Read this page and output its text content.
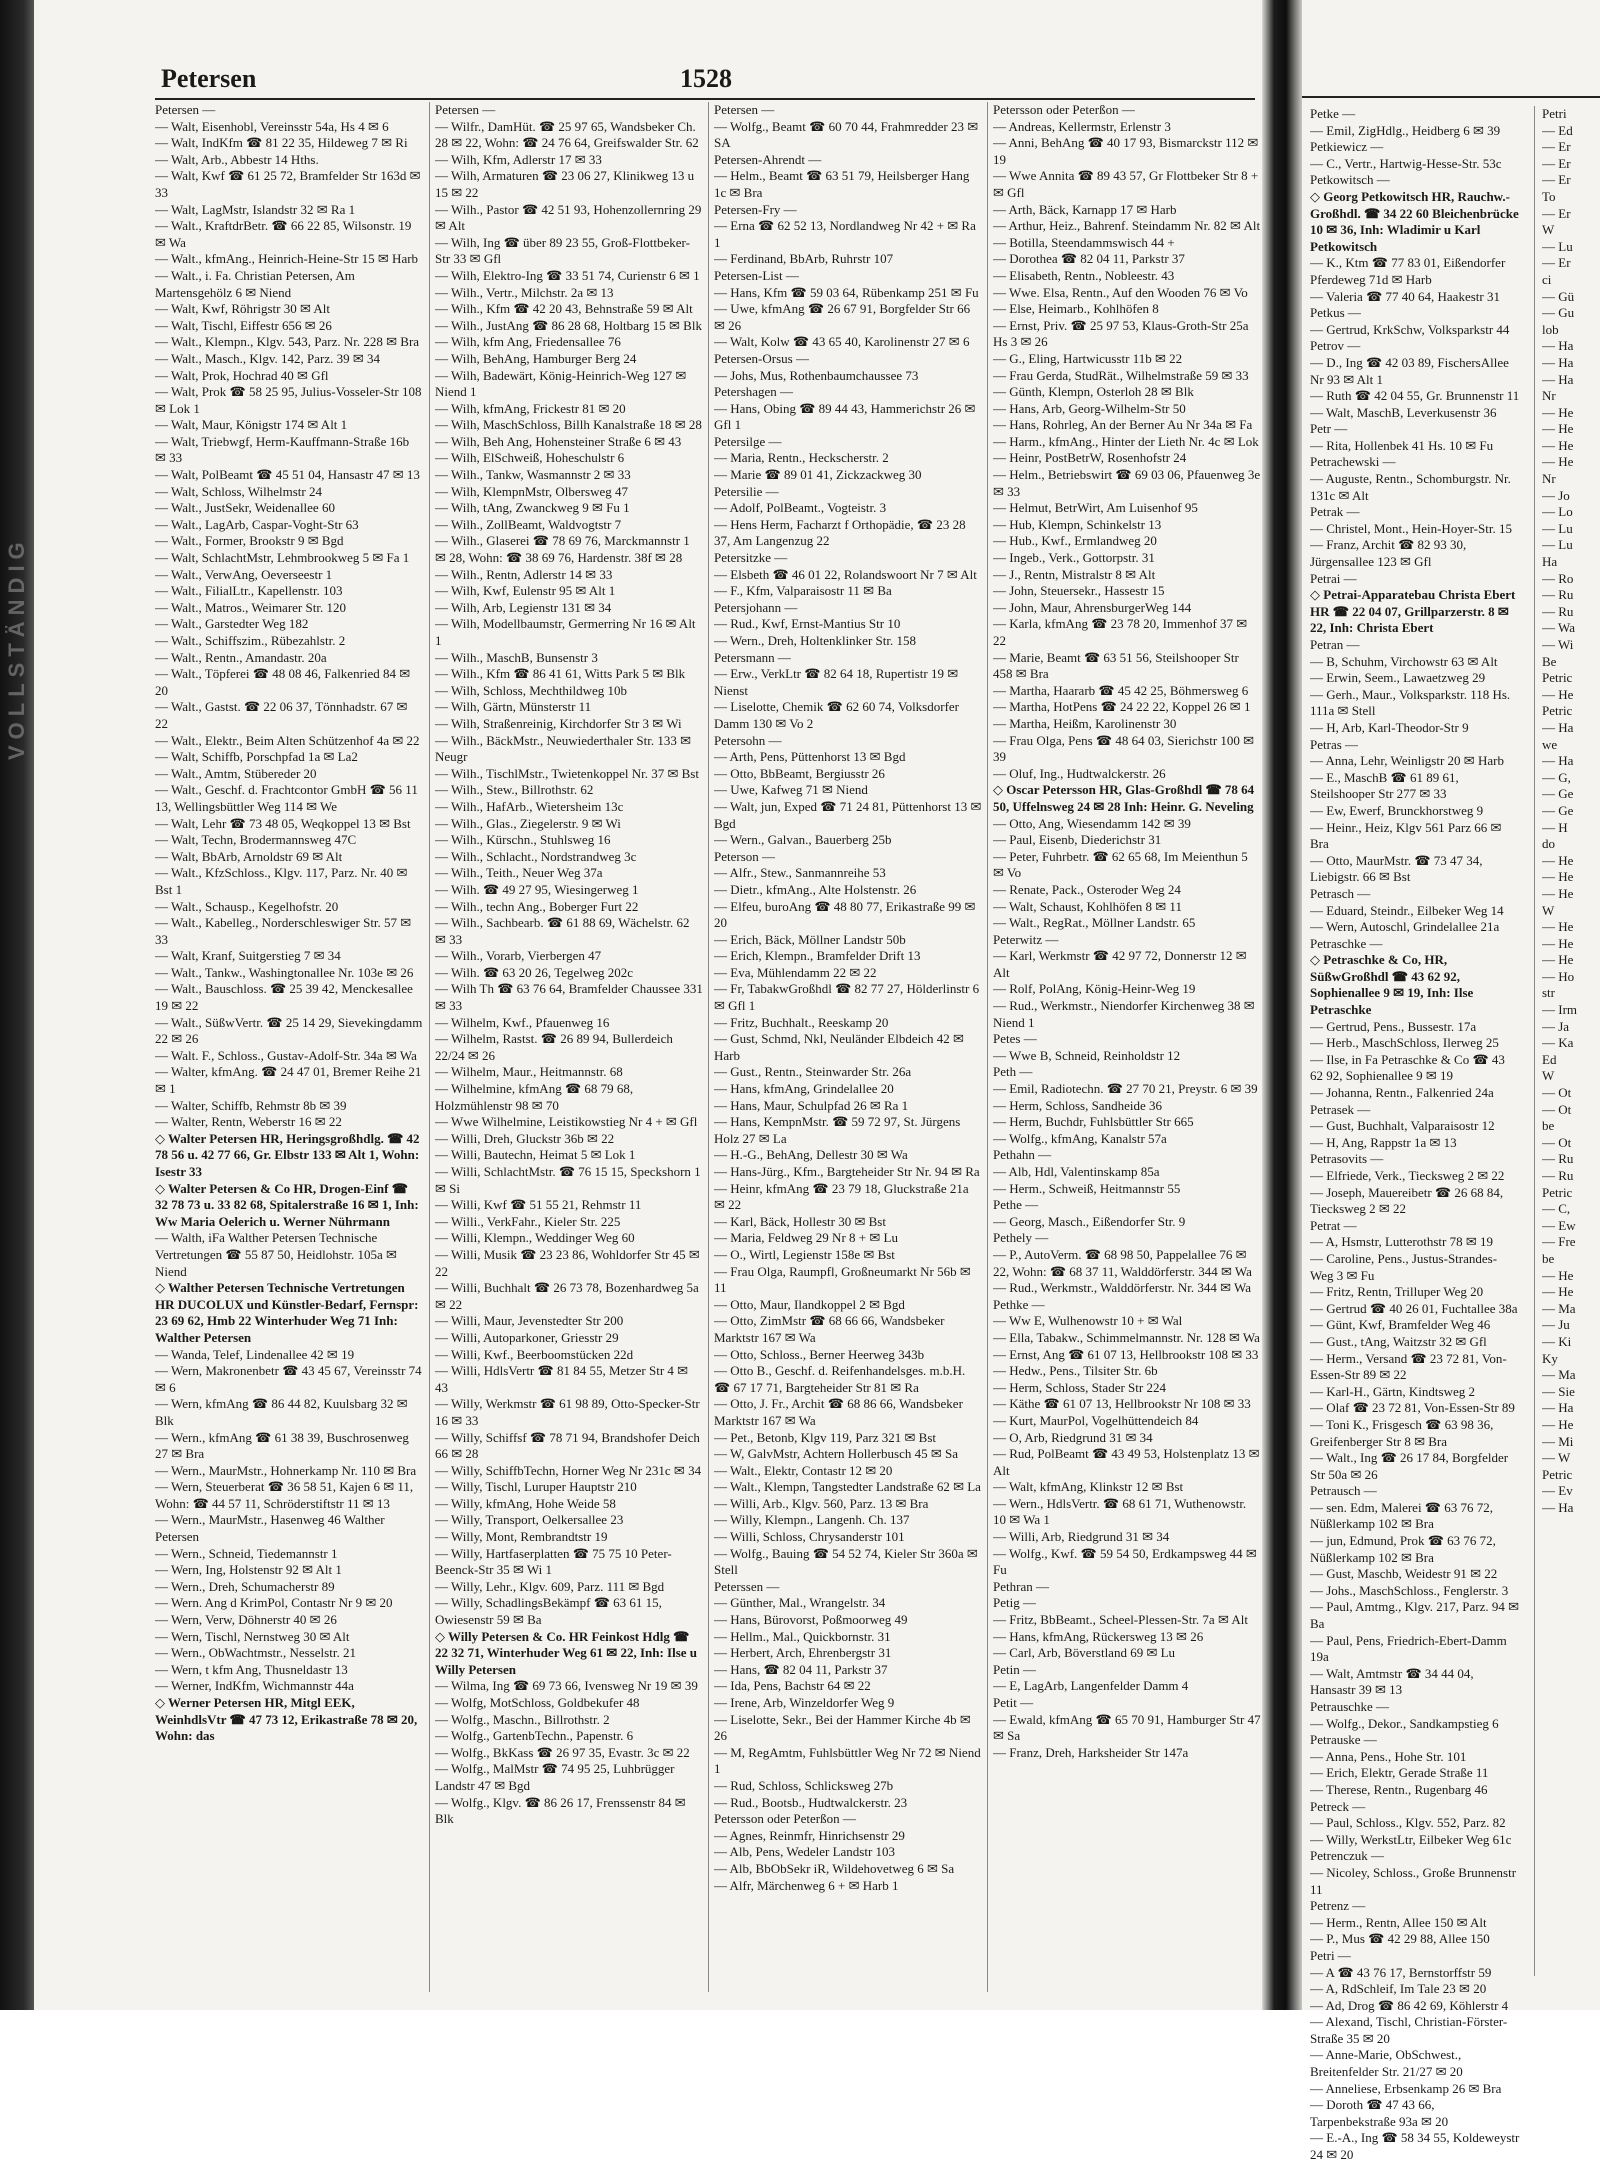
VOLLSTÄNDIG
Petersen	1528
Petersen —
— Walt, Eisenhobl, Vereinsstr 54a, Hs 4 ✉ 6
— Walt, IndKfm ☎ 81 22 35, Hildeweg 7 ✉ Ri
— Walt, Arb., Abbestr 14 Hths.
— Walt, Kwf ☎ 61 25 72, Bramfelder Str 163d ✉ 33
— Walt, LagMstr, Islandstr 32 ✉ Ra 1
— Walt., KraftdrBetr. ☎ 66 22 85, Wilsonstr. 19 ✉ Wa
— Walt., kfmAng., Heinrich-Heine-Str 15 ✉ Harb
— Walt., i. Fa. Christian Petersen, Am Martensgehölz 6 ✉ Niend
— Walt, Kwf, Röhrigstr 30 ✉ Alt
— Walt, Tischl, Eiffestr 656 ✉ 26
— Walt., Klempn., Klgv. 543, Parz. Nr. 228 ✉ Bra
— Walt., Masch., Klgv. 142, Parz. 39 ✉ 34
— Walt, Prok, Hochrad 40 ✉ Gfl
— Walt, Prok ☎ 58 25 95, Julius-Vosseler-Str 108 ✉ Lok 1
— Walt, Maur, Königstr 174 ✉ Alt 1
— Walt, Triebwgf, Herm-Kauffmann-Straße 16b ✉ 33
— Walt, PolBeamt ☎ 45 51 04, Hansastr 47 ✉ 13
— Walt, Schloss, Wilhelmstr 24
— Walt., JustSekr, Weidenallee 60
— Walt., LagArb, Caspar-Voght-Str 63
— Walt., Former, Brookstr 9 ✉ Bgd
— Walt, SchlachtMstr, Lehmbrookweg 5 ✉ Fa 1
— Walt., VerwAng, Oeverseestr 1
— Walt., FilialLtr., Kapellenstr. 103
— Walt., Matros., Weimarer Str. 120
— Walt., Garstedter Weg 182
— Walt., Schiffszim., Rübezahlstr. 2
— Walt., Rentn., Amandastr. 20a
— Walt., Töpferei ☎ 48 08 46, Falkenried 84 ✉ 20
— Walt., Gastst. ☎ 22 06 37, Tönnhadstr. 67 ✉ 22
— Walt., Elektr., Beim Alten Schützenhof 4a ✉ 22
— Walt, Schiffb, Porschpfad 1a ✉ La2
— Walt., Amtm, Stübereder 20
— Walt., Geschf. d. Frachtcontor GmbH ☎ 56 11 13, Wellingsbüttler Weg 114 ✉ We
— Walt, Lehr ☎ 73 48 05, Weqkoppel 13 ✉ Bst
— Walt, Techn, Brodermannsweg 47C
— Walt, BbArb, Arnoldstr 69 ✉ Alt
— Walt., KfzSchloss., Klgv. 117, Parz. Nr. 40 ✉ Bst 1
— Walt., Schausp., Kegelhofstr. 20
— Walt., Kabelleg., Norderschleswiger Str. 57 ✉ 33
— Walt, Kranf, Suitgerstieg 7 ✉ 34
— Walt., Tankw., Washingtonallee Nr. 103e ✉ 26
— Walt., Bauschloss. ☎ 25 39 42, Menckesallee 19 ✉ 22
— Walt., SüßwVertr. ☎ 25 14 29, Sievekingdamm 22 ✉ 26
— Walt. F., Schloss., Gustav-Adolf-Str. 34a ✉ Wa
— Walter, kfmAng. ☎ 24 47 01, Bremer Reihe 21 ✉ 1
— Walter, Schiffb, Rehmstr 8b ✉ 39
— Walter, Rentn, Weberstr 16 ✉ 22
◇ Walter Petersen HR, Heringsgroßhdlg. ☎ 42 78 56 u. 42 77 66, Gr. Elbstr 133 ✉ Alt 1, Wohn: Isestr 33
◇ Walter Petersen & Co HR, Drogen-Einf ☎ 32 78 73 u. 33 82 68, Spitalerstraße 16 ✉ 1, Inh: Ww Maria Oelerich u. Werner Nührmann
— Walth, iFa Walther Petersen Technische Vertretungen ☎ 55 87 50, Heidlohstr. 105a ✉ Niend
◇ Walther Petersen Technische Vertretungen HR DUCOLUX und Künstler-Bedarf, Fernspr: 23 69 62, Hmb 22 Winterhuder Weg 71 Inh: Walther Petersen
— Wanda, Telef, Lindenallee 42 ✉ 19
— Wern, Makronenbetr ☎ 43 45 67, Vereinsstr 74 ✉ 6
— Wern, kfmAng ☎ 86 44 82, Kuulsbarg 32 ✉ Blk
— Wern., kfmAng ☎ 61 38 39, Buschrosenweg 27 ✉ Bra
— Wern., MaurMstr., Hohnerkamp Nr. 110 ✉ Bra
— Wern, Steuerberat ☎ 36 58 51, Kajen 6 ✉ 11, Wohn: ☎ 44 57 11, Schröderstiftstr 11 ✉ 13
— Wern., MaurMstr., Hasenweg 46 Walther Petersen
— Wern., Schneid, Tiedemannstr 1
— Wern, Ing, Holstenstr 92 ✉ Alt 1
— Wern., Dreh, Schumacherstr 89
— Wern. Ang d KrimPol, Contastr Nr 9 ✉ 20
— Wern, Verw, Döhnerstr 40 ✉ 26
— Wern, Tischl, Nernstweg 30 ✉ Alt
— Wern., ObWachtmstr., Nesselstr. 21
— Wern, t kfm Ang, Thusneldastr 13
— Werner, IndKfm, Wichmannstr 44a
◇ Werner Petersen HR, Mitgl EEK, WeinhdlsVtr ☎ 47 73 12, Erikastraße 78 ✉ 20, Wohn: das
Petersen —
— Wilfr., DamHüt. ☎ 25 97 65, Wandsbeker Ch. 28 ✉ 22, Wohn: ☎ 24 76 64, Greifswalder Str. 62
— Wilh, Kfm, Adlerstr 17 ✉ 33
— Wilh, Armaturen ☎ 23 06 27, Klinikweg 13 u 15 ✉ 22
— Wilh., Pastor ☎ 42 51 93, Hohenzollernring 29 ✉ Alt
— Wilh, Ing ☎ über 89 23 55, Groß-Flottbeker-Str 33 ✉ Gfl
— Wilh, Elektro-Ing ☎ 33 51 74, Curienstr 6 ✉ 1
— Wilh., Vertr., Milchstr. 2a ✉ 13
— Wilh., Kfm ☎ 42 20 43, Behnstraße 59 ✉ Alt
— Wilh., JustAng ☎ 86 28 68, Holtbarg 15 ✉ Blk
— Wilh, kfm Ang, Friedensallee 76
— Wilh, BehAng, Hamburger Berg 24
— Wilh, Badewärt, König-Heinrich-Weg 127 ✉ Niend 1
— Wilh, kfmAng, Frickestr 81 ✉ 20
— Wilh, MaschSchloss, Billh Kanalstraße 18 ✉ 28
— Wilh, Beh Ang, Hohensteiner Straße 6 ✉ 43
— Wilh, ElSchweiß, Hoheschulstr 6
— Wilh., Tankw, Wasmannstr 2 ✉ 33
— Wilh, KlempnMstr, Olbersweg 47
— Wilh, tAng, Zwanckweg 9 ✉ Fu 1
— Wilh., ZollBeamt, Waldvogtstr 7
— Wilh., Glaserei ☎ 78 69 76, Marckmannstr 1 ✉ 28, Wohn: ☎ 38 69 76, Hardenstr. 38f ✉ 28
— Wilh., Rentn, Adlerstr 14 ✉ 33
— Wilh, Kwf, Eulenstr 95 ✉ Alt 1
— Wilh, Arb, Legienstr 131 ✉ 34
— Wilh, Modellbaumstr, Germerring Nr 16 ✉ Alt 1
— Wilh., MaschB, Bunsenstr 3
— Wilh., Kfm ☎ 86 41 61, Witts Park 5 ✉ Blk
— Wilh, Schloss, Mechthildweg 10b
— Wilh, Gärtn, Münsterstr 11
— Wilh, Straßenreinig, Kirchdorfer Str 3 ✉ Wi
— Wilh., BäckMstr., Neuwiederthaler Str. 133 ✉ Neugr
— Wilh., TischlMstr., Twietenkoppel Nr. 37 ✉ Bst
— Wilh., Stew., Billrothstr. 62
— Wilh., HafArb., Wietersheim 13c
— Wilh., Glas., Ziegelerstr. 9 ✉ Wi
— Wilh., Kürschn., Stuhlsweg 16
— Wilh., Schlacht., Nordstrandweg 3c
— Wilh., Teith., Neuer Weg 37a
— Wilh. ☎ 49 27 95, Wiesingerweg 1
— Wilh., techn Ang., Boberger Furt 22
— Wilh., Sachbearb. ☎ 61 88 69, Wächelstr. 62 ✉ 33
— Wilh., Vorarb, Vierbergen 47
— Wilh. ☎ 63 20 26, Tegelweg 202c
— Wilh Th ☎ 63 76 64, Bramfelder Chaussee 331 ✉ 33
— Wilhelm, Kwf., Pfauenweg 16
— Wilhelm, Rastst. ☎ 26 89 94, Bullerdeich 22/24 ✉ 26
— Wilhelm, Maur., Heitmannstr. 68
— Wilhelmine, kfmAng ☎ 68 79 68, Holzmühlenstr 98 ✉ 70
— Wwe Wilhelmine, Leistikowstieg Nr 4 + ✉ Gfl
— Willi, Dreh, Gluckstr 36b ✉ 22
— Willi, Bautechn, Heimat 5 ✉ Lok 1
— Willi, SchlachtMstr. ☎ 76 15 15, Speckshorn 1 ✉ Si
— Willi, Kwf ☎ 51 55 21, Rehmstr 11
— Willi., VerkFahr., Kieler Str. 225
— Willi, Klempn., Weddinger Weg 60
— Willi, Musik ☎ 23 23 86, Wohldorfer Str 45 ✉ 22
— Willi, Buchhalt ☎ 26 73 78, Bozenhardweg 5a ✉ 22
— Willi, Maur, Jevenstedter Str 200
— Willi, Autoparkoner, Griesstr 29
— Willi, Kwf., Beerboomstücken 22d
— Willi, HdlsVertr ☎ 81 84 55, Metzer Str 4 ✉ 43
— Willy, Werkmstr ☎ 61 98 89, Otto-Specker-Str 16 ✉ 33
— Willy, Schiffsf ☎ 78 71 94, Brandshofer Deich 66 ✉ 28
— Willy, SchiffbTechn, Horner Weg Nr 231c ✉ 34
— Willy, Tischl, Luruper Hauptstr 210
— Willy, kfmAng, Hohe Weide 58
— Willy, Transport, Oelkersallee 23
— Willy, Mont, Rembrandtstr 19
— Willy, Hartfaserplatten ☎ 75 75 10 Peter-Beenck-Str 35 ✉ Wi 1
— Willy, Lehr., Klgv. 609, Parz. 111 ✉ Bgd
— Willy, SchadlingsBekämpf ☎ 63 61 15, Owiesenstr 59 ✉ Ba
◇ Willy Petersen & Co. HR Feinkost Hdlg ☎ 22 32 71, Winterhuder Weg 61 ✉ 22, Inh: Ilse u Willy Petersen
— Wilma, Ing ☎ 69 73 66, Ivensweg Nr 19 ✉ 39
— Wolfg, MotSchloss, Goldbekufer 48
— Wolfg., Maschn., Billrothstr. 2
— Wolfg., GartenbTechn., Papenstr. 6
— Wolfg., BkKass ☎ 26 97 35, Evastr. 3c ✉ 22
— Wolfg., MalMstr ☎ 74 95 25, Luhbrügger Landstr 47 ✉ Bgd
— Wolfg., Klgv. ☎ 86 26 17, Frenssenstr 84 ✉ Blk
Petersen —
— Wolfg., Beamt ☎ 60 70 44, Frahmredder 23 ✉ SA
Petersen-Ahrendt —
— Helm., Beamt ☎ 63 51 79, Heilsberger Hang 1c ✉ Bra
Petersen-Fry —
— Erna ☎ 62 52 13, Nordlandweg Nr 42 + ✉ Ra 1
— Ferdinand, BbArb, Ruhrstr 107
Petersen-List —
— Hans, Kfm ☎ 59 03 64, Rübenkamp 251 ✉ Fu
— Uwe, kfmAng ☎ 26 67 91, Borgfelder Str 66 ✉ 26
— Walt, Kolw ☎ 43 65 40, Karolinenstr 27 ✉ 6
Petersen-Orsus —
— Johs, Mus, Rothenbaumchaussee 73
Petershagen —
— Hans, Obing ☎ 89 44 43, Hammerichstr 26 ✉ Gfl 1
Petersilge —
— Maria, Rentn., Heckscherstr. 2
— Marie ☎ 89 01 41, Zickzackweg 30
Petersilie —
— Adolf, PolBeamt., Vogteistr. 3
— Hens Herm, Facharzt f Orthopädie, ☎ 23 28 37, Am Langenzug 22
Petersitzke —
— Elsbeth ☎ 46 01 22, Rolandswoort Nr 7 ✉ Alt
— F., Kfm, Valparaisostr 11 ✉ Ba
Petersjohann —
— Rud., Kwf, Ernst-Mantius Str 10
— Wern., Dreh, Holtenklinker Str. 158
Petersmann —
— Erw., VerkLtr ☎ 82 64 18, Rupertistr 19 ✉ Nienst
— Liselotte, Chemik ☎ 62 60 74, Volksdorfer Damm 130 ✉ Vo 2
Petersohn —
— Arth, Pens, Püttenhorst 13 ✉ Bgd
— Otto, BbBeamt, Bergiusstr 26
— Uwe, Kafweg 71 ✉ Niend
— Walt, jun, Exped ☎ 71 24 81, Püttenhorst 13 ✉ Bgd
— Wern., Galvan., Bauerberg 25b
Peterson —
— Alfr., Stew., Sanmannreihe 53
— Dietr., kfmAng., Alte Holstenstr. 26
— Elfeu, buroAng ☎ 48 80 77, Erikastraße 99 ✉ 20
— Erich, Bäck, Möllner Landstr 50b
— Erich, Klempn., Bramfelder Drift 13
— Eva, Mühlendamm 22 ✉ 22
— Fr, TabakwGroßhdl ☎ 82 77 27, Hölderlinstr 6 ✉ Gfl 1
— Fritz, Buchhalt., Reeskamp 20
— Gust, Schmd, Nkl, Neuländer Elbdeich 42 ✉ Harb
— Gust., Rentn., Steinwarder Str. 26a
— Hans, kfmAng, Grindelallee 20
— Hans, Maur, Schulpfad 26 ✉ Ra 1
— Hans, KempnMstr. ☎ 59 72 97, St. Jürgens Holz 27 ✉ La
— H.-G., BehAng, Dellestr 30 ✉ Wa
— Hans-Jürg., Kfm., Bargteheider Str Nr. 94 ✉ Ra
— Heinr, kfmAng ☎ 23 79 18, Gluckstraße 21a ✉ 22
— Karl, Bäck, Hollestr 30 ✉ Bst
— Maria, Feldweg 29 Nr 8 + ✉ Lu
— O., Wirtl, Legienstr 158e ✉ Bst
— Frau Olga, Raumpfl, Großneumarkt Nr 56b ✉ 11
— Otto, Maur, Ilandkoppel 2 ✉ Bgd
— Otto, ZimMstr ☎ 68 66 66, Wandsbeker Marktstr 167 ✉ Wa
— Otto, Schloss., Berner Heerweg 343b
— Otto B., Geschf. d. Reifenhandelsges. m.b.H. ☎ 67 17 71, Bargteheider Str 81 ✉ Ra
— Otto, J. Fr., Archit ☎ 68 86 66, Wandsbeker Marktstr 167 ✉ Wa
— Pet., Betonb, Klgv 119, Parz 321 ✉ Bst
— W, GalvMstr, Achtern Hollerbusch 45 ✉ Sa
— Walt., Elektr, Contastr 12 ✉ 20
— Walt., Klempn, Tangstedter Landstraße 62 ✉ La
— Willi, Arb., Klgv. 560, Parz. 13 ✉ Bra
— Willy, Klempn., Langenh. Ch. 137
— Willi, Schloss, Chrysanderstr 101
— Wolfg., Bauing ☎ 54 52 74, Kieler Str 360a ✉ Stell
Peterssen —
— Günther, Mal., Wrangelstr. 34
— Hans, Bürovorst, Poßmoorweg 49
— Hellm., Mal., Quickbornstr. 31
— Herbert, Arch, Ehrenbergstr 31
— Hans, ☎ 82 04 11, Parkstr 37
— Ida, Pens, Bachstr 64 ✉ 22
— Irene, Arb, Winzeldorfer Weg 9
— Liselotte, Sekr., Bei der Hammer Kirche 4b ✉ 26
— M, RegAmtm, Fuhlsbüttler Weg Nr 72 ✉ Niend 1
— Rud, Schloss, Schlicksweg 27b
— Rud., Bootsb., Hudtwalckerstr. 23
Petersson oder Peterßon —
— Agnes, Reinmfr, Hinrichsenstr 29
— Alb, Pens, Wedeler Landstr 103
— Alb, BbObSekr iR, Wildehovetweg 6 ✉ Sa
— Alfr, Märchenweg 6 + ✉ Harb 1
Petersson oder Peterßon —
— Andreas, Kellermstr, Erlenstr 3
— Anni, BehAng ☎ 40 17 93, Bismarckstr 112 ✉ 19
— Wwe Annita ☎ 89 43 57, Gr Flottbeker Str 8 + ✉ Gfl
— Arth, Bäck, Karnapp 17 ✉ Harb
— Arthur, Heiz., Bahrenf. Steindamm Nr. 82 ✉ Alt
— Botilla, Steendammswisch 44 +
— Dorothea ☎ 82 04 11, Parkstr 37
— Elisabeth, Rentn., Nobleestr. 43
— Wwe. Elsa, Rentn., Auf den Wooden 76 ✉ Vo
— Else, Heimarb., Kohlhöfen 8
— Ernst, Priv. ☎ 25 97 53, Klaus-Groth-Str 25a Hs 3 ✉ 26
— G., Eling, Hartwicusstr 11b ✉ 22
— Frau Gerda, StudRät., Wilhelmstraße 59 ✉ 33
— Günth, Klempn, Osterloh 28 ✉ Blk
— Hans, Arb, Georg-Wilhelm-Str 50
— Hans, Rohrleg, An der Berner Au Nr 34a ✉ Fa
— Harm., kfmAng., Hinter der Lieth Nr. 4c ✉ Lok
— Heinr, PostBetrW, Rosenhofstr 24
— Helm., Betriebswirt ☎ 69 03 06, Pfauenweg 3e ✉ 33
— Helmut, BetrWirt, Am Luisenhof 95
— Hub, Klempn, Schinkelstr 13
— Hub., Kwf., Ermlandweg 20
— Ingeb., Verk., Gottorpstr. 31
— J., Rentn, Mistralstr 8 ✉ Alt
— John, Steuersekr., Hassestr 15
— John, Maur, AhrensburgerWeg 144
— Karla, kfmAng ☎ 23 78 20, Immenhof 37 ✉ 22
— Marie, Beamt ☎ 63 51 56, Steilshooper Str 458 ✉ Bra
— Martha, Haararb ☎ 45 42 25, Böhmersweg 6
— Martha, HotPens ☎ 24 22 22, Koppel 26 ✉ 1
— Martha, Heißm, Karolinenstr 30
— Frau Olga, Pens ☎ 48 64 03, Sierichstr 100 ✉ 39
— Oluf, Ing., Hudtwalckerstr. 26
◇ Oscar Petersson HR, Glas-Großhdl ☎ 78 64 50, Uffelnsweg 24 ✉ 28 Inh: Heinr. G. Neveling
— Otto, Ang, Wiesendamm 142 ✉ 39
— Paul, Eisenb, Diederichstr 31
— Peter, Fuhrbetr. ☎ 62 65 68, Im Meienthun 5 ✉ Vo
— Renate, Pack., Osteroder Weg 24
— Walt, Schaust, Kohlhöfen 8 ✉ 11
— Walt., RegRat., Möllner Landstr. 65
Peterwitz —
— Karl, Werkmstr ☎ 42 97 72, Donnerstr 12 ✉ Alt
— Rolf, PolAng, König-Heinr-Weg 19
— Rud., Werkmstr., Niendorfer Kirchenweg 38 ✉ Niend 1
Petes —
— Wwe B, Schneid, Reinholdstr 12
Peth —
— Emil, Radiotechn. ☎ 27 70 21, Preystr. 6 ✉ 39
— Herm, Schloss, Sandheide 36
— Herm, Buchdr, Fuhlsbüttler Str 665
— Wolfg., kfmAng, Kanalstr 57a
Pethahn —
— Alb, Hdl, Valentinskamp 85a
— Herm., Schweiß, Heitmannstr 55
Pethe —
— Georg, Masch., Eißendorfer Str. 9
Pethely —
— P., AutoVerm. ☎ 68 98 50, Pappelallee 76 ✉ 22, Wohn: ☎ 68 37 11, Walddörferstr. 344 ✉ Wa
— Rud., Werkmstr., Walddörferstr. Nr. 344 ✉ Wa
Pethke —
— Ww E, Wulhenowstr 10 + ✉ Wal
— Ella, Tabakw., Schimmelmannstr. Nr. 128 ✉ Wa
— Ernst, Ang ☎ 61 07 13, Hellbrookstr 108 ✉ 33
— Hedw., Pens., Tilsiter Str. 6b
— Herm, Schloss, Stader Str 224
— Käthe ☎ 61 07 13, Hellbrookstr Nr 108 ✉ 33
— Kurt, MaurPol, Vogelhüttendeich 84
— O, Arb, Riedgrund 31 ✉ 34
— Rud, PolBeamt ☎ 43 49 53, Holstenplatz 13 ✉ Alt
— Walt, kfmAng, Klinkstr 12 ✉ Bst
— Wern., HdlsVertr. ☎ 68 61 71, Wuthenowstr. 10 ✉ Wa 1
— Willi, Arb, Riedgrund 31 ✉ 34
— Wolfg., Kwf. ☎ 59 54 50, Erdkampsweg 44 ✉ Fu
Pethran —
Petig —
— Fritz, BbBeamt., Scheel-Plessen-Str. 7a ✉ Alt
— Hans, kfmAng, Rückersweg 13 ✉ 26
— Carl, Arb, Böverstland 69 ✉ Lu
Petin —
— E, LagArb, Langenfelder Damm 4
Petit —
— Ewald, kfmAng ☎ 65 70 91, Hamburger Str 47 ✉ Sa
— Franz, Dreh, Harksheider Str 147a
Petke —
— Emil, ZigHdlg., Heidberg 6 ✉ 39
Petkiewicz —
— C., Vertr., Hartwig-Hesse-Str. 53c
Petkowitsch —
◇ Georg Petkowitsch HR, Rauchw.-Großhdl. ☎ 34 22 60 Bleichenbrücke 10 ✉ 36, Inh: Wladimir u Karl Petkowitsch
— K., Ktm ☎ 77 83 01, Eißendorfer Pferdeweg 71d ✉ Harb
— Valeria ☎ 77 40 64, Haakestr 31
Petkus —
— Gertrud, KrkSchw, Volksparkstr 44
Petrov —
— D., Ing ☎ 42 03 89, FischersAllee Nr 93 ✉ Alt 1
— Ruth ☎ 42 04 55, Gr. Brunnenstr 11
— Walt, MaschB, Leverkusenstr 36
Petr —
— Rita, Hollenbek 41 Hs. 10 ✉ Fu
Petrachewski —
— Auguste, Rentn., Schomburgstr. Nr. 131c ✉ Alt
Petrak —
— Christel, Mont., Hein-Hoyer-Str. 15
— Franz, Archit ☎ 82 93 30, Jürgensallee 123 ✉ Gfl
Petrai —
◇ Petrai-Apparatebau Christa Ebert HR ☎ 22 04 07, Grillparzerstr. 8 ✉ 22, Inh: Christa Ebert
Petran —
— B, Schuhm, Virchowstr 63 ✉ Alt
— Erwin, Seem., Lawaetzweg 29
— Gerh., Maur., Volksparkstr. 118 Hs. 111a ✉ Stell
— H, Arb, Karl-Theodor-Str 9
Petras —
— Anna, Lehr, Weinligstr 20 ✉ Harb
— E., MaschB ☎ 61 89 61, Steilshooper Str 277 ✉ 33
— Ew, Ewerf, Brunckhorstweg 9
— Heinr., Heiz, Klgv 561 Parz 66 ✉ Bra
— Otto, MaurMstr. ☎ 73 47 34, Liebigstr. 66 ✉ Bst
Petrasch —
— Eduard, Steindr., Eilbeker Weg 14
— Wern, Autoschl, Grindelallee 21a
Petraschke —
◇ Petraschke & Co, HR, SüßwGroßhdl ☎ 43 62 92, Sophienallee 9 ✉ 19, Inh: Ilse Petraschke
— Gertrud, Pens., Bussestr. 17a
— Herb., MaschSchloss, Ilerweg 25
— Ilse, in Fa Petraschke & Co ☎ 43 62 92, Sophienallee 9 ✉ 19
— Johanna, Rentn., Falkenried 24a
Petrasek —
— Gust, Buchhalt, Valparaisostr 12
— H, Ang, Rappstr 1a ✉ 13
Petrasovits —
— Elfriede, Verk., Tiecksweg 2 ✉ 22
— Joseph, Mauereibetr ☎ 26 68 84, Tiecksweg 2 ✉ 22
Petrat —
— A, Hsmstr, Lutterothstr 78 ✉ 19
— Caroline, Pens., Justus-Strandes-Weg 3 ✉ Fu
— Fritz, Rentn, Trilluper Weg 20
— Gertrud ☎ 40 26 01, Fuchtallee 38a
— Günt, Kwf, Bramfelder Weg 46
— Gust., tAng, Waitzstr 32 ✉ Gfl
— Herm., Versand ☎ 23 72 81, Von-Essen-Str 89 ✉ 22
— Karl-H., Gärtn, Kindtsweg 2
— Olaf ☎ 23 72 81, Von-Essen-Str 89
— Toni K., Frisgesch ☎ 63 98 36, Greifenberger Str 8 ✉ Bra
— Walt., Ing ☎ 26 17 84, Borgfelder Str 50a ✉ 26
Petrausch —
— sen. Edm, Malerei ☎ 63 76 72, Nüßlerkamp 102 ✉ Bra
— jun, Edmund, Prok ☎ 63 76 72, Nüßlerkamp 102 ✉ Bra
— Gust, Maschb, Weidestr 91 ✉ 22
— Johs., MaschSchloss., Fenglerstr. 3
— Paul, Amtmg., Klgv. 217, Parz. 94 ✉ Ba
— Paul, Pens, Friedrich-Ebert-Damm 19a
— Walt, Amtmstr ☎ 34 44 04, Hansastr 39 ✉ 13
Petrauschke —
— Wolfg., Dekor., Sandkampstieg 6
Petrauske —
— Anna, Pens., Hohe Str. 101
— Erich, Elektr, Gerade Straße 11
— Therese, Rentn., Rugenbarg 46
Petreck —
— Paul, Schloss., Klgv. 552, Parz. 82
— Willy, WerkstLtr, Eilbeker Weg 61c
Petrenczuk —
— Nicoley, Schloss., Große Brunnenstr 11
Petrenz —
— Herm., Rentn, Allee 150 ✉ Alt
— P., Mus ☎ 42 29 88, Allee 150
Petri —
— A ☎ 43 76 17, Bernstorffstr 59
— A, RdSchleif, Im Tale 23 ✉ 20
— Ad, Drog ☎ 86 42 69, Köhlerstr 4
— Alexand, Tischl, Christian-Förster-Straße 35 ✉ 20
— Anne-Marie, ObSchwest., Breitenfelder Str. 21/27 ✉ 20
— Anneliese, Erbsenkamp 26 ✉ Bra
— Doroth ☎ 47 43 66, Tarpenbekstraße 93a ✉ 20
— E.-A., Ing ☎ 58 34 55, Koldeweystr 24 ✉ 20
Petri
— Ed
— Er
— Er
— Er
To
— Er
W
— Lu
— Er
ci
— Gü
— Gu
lob
— Ha
— Ha
— Ha
Nr
— He
— He
— He
— He
Nr
— Jo
— Lo
— Lu
— Lu
Ha
— Ro
— Ru
— Ru
— Wa
— Wi
Be
Petric
— He
Petric
— Ha
we
— Ha
— G,
— Ge
— Ge
— H
do
— He
— He
— He
W
— He
— He
— He
— Ho
str
— Irm
— Ja
— Ka
Ed
W
— Ot
— Ot
be
— Ot
— Ru
— Ru
Petric
— C,
— Ew
— Fre
be
— He
— He
— Ma
— Ju
— Ki
Ky
— Ma
— Sie
— Ha
— He
— Mi
— W
Petric
— Ev
— Ha
